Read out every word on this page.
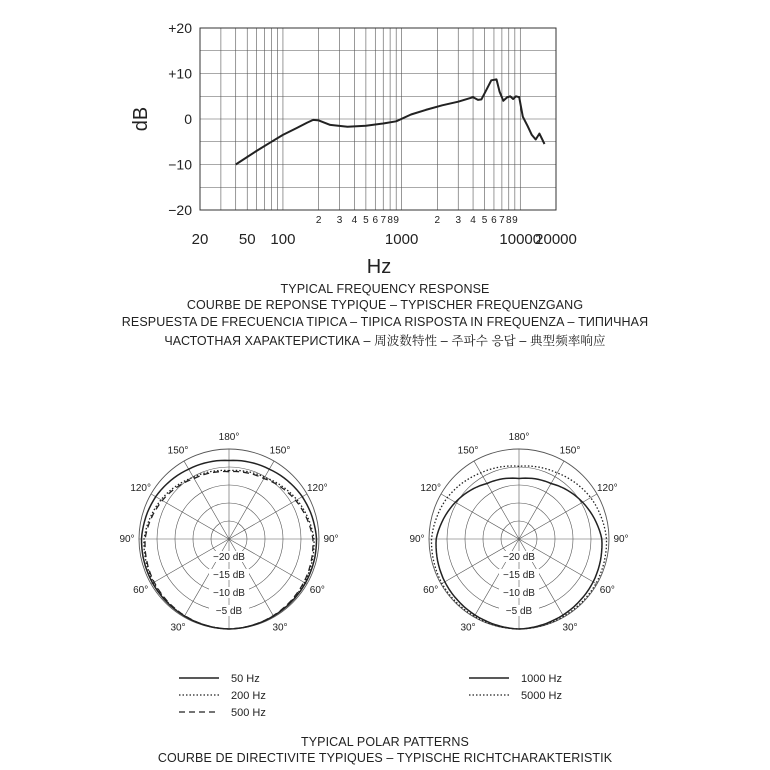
dB
Hz
+20
+10
0
−10
−20
20 50 100	1000	10000
20000
2 3 4 5 6 7 8 9	2 3 4 5 6 7 8 9
TYPICAL FREQUENCY RESPONSE
COURBE DE REPONSE TYPIQUE – TYPISCHER FREQUENZGANG
RESPUESTA DE FRECUENCIA TIPICA – TIPICA RISPOSTA IN FREQUENZA – ТИПИЧНАЯ
ЧАСТОТНАЯ ХАРАКТЕРИСТИКА – 周波数特性 – 주파수 응답 – 典型频率响应
−20 dB
−15 dB
−10 dB
−5 dB
180°
150°	150°
120°	120°
90°	90°
60°	60°
30°	30°
50 Hz
200 Hz
500 Hz
−20 dB
−15 dB
−10 dB
−5 dB
180°
150°	150°
120°	120°
90°	90°
60°	60°
30°	30°
1000 Hz
5000 Hz
TYPICAL POLAR PATTERNS
COURBE DE DIRECTIVITE TYPIQUES – TYPISCHE RICHTCHARAKTERISTIK
